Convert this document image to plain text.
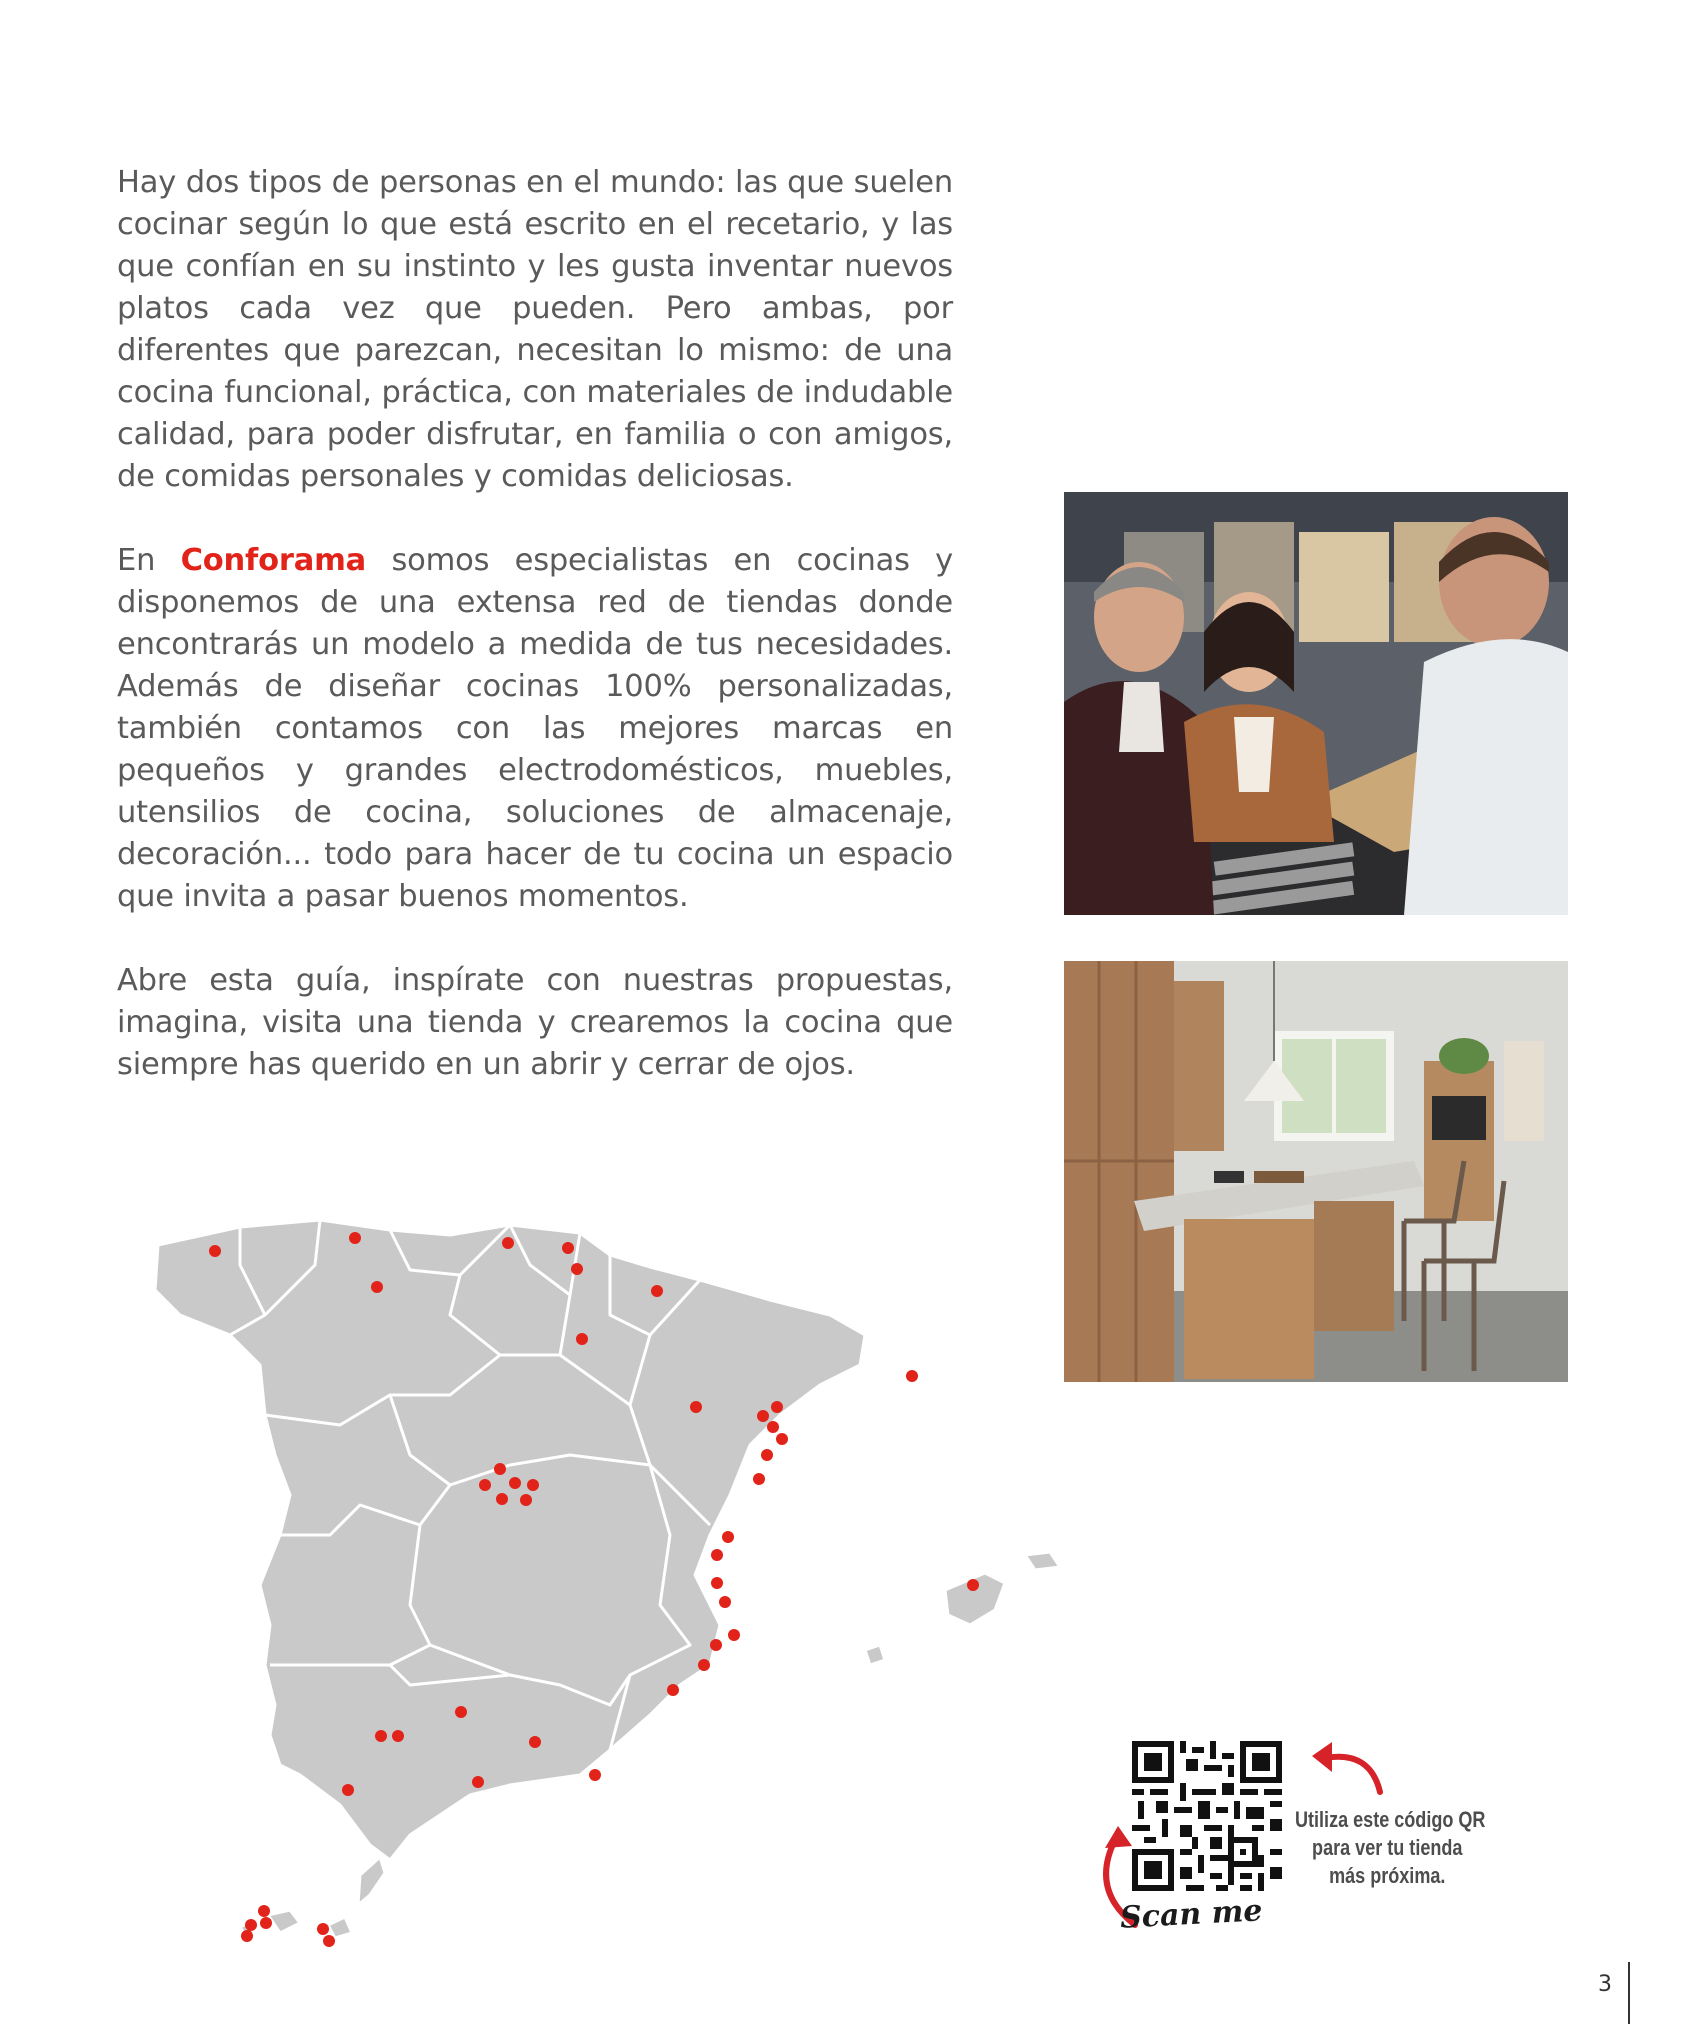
Hay dos tipos de personas en el mundo: las que suelen cocinar según lo que está escrito en el recetario, y las que confían en su instinto y les gusta inventar nuevos platos cada vez que pueden. Pero ambas, por diferentes que parezcan, necesitan lo mismo: de una cocina funcional, práctica, con materiales de indudable calidad, para poder disfrutar, en familia o con amigos, de comidas personales y comidas deliciosas.

En Conforama somos especialistas en cocinas y disponemos de una extensa red de tiendas donde encontrarás un modelo a medida de tus necesidades. Además de diseñar cocinas 100% personalizadas, también contamos con las mejores marcas en pequeños y grandes electrodomésticos, muebles, utensilios de cocina, soluciones de almacenaje, decoración... todo para hacer de tu cocina un espacio que invita a pasar buenos momentos.

Abre esta guía, inspírate con nuestras propuestas, imagina, visita una tienda y crearemos la cocina que siempre has querido en un abrir y cerrar de ojos.

Utiliza este código QR
para ver tu tienda
más próxima.
Scan me
3
